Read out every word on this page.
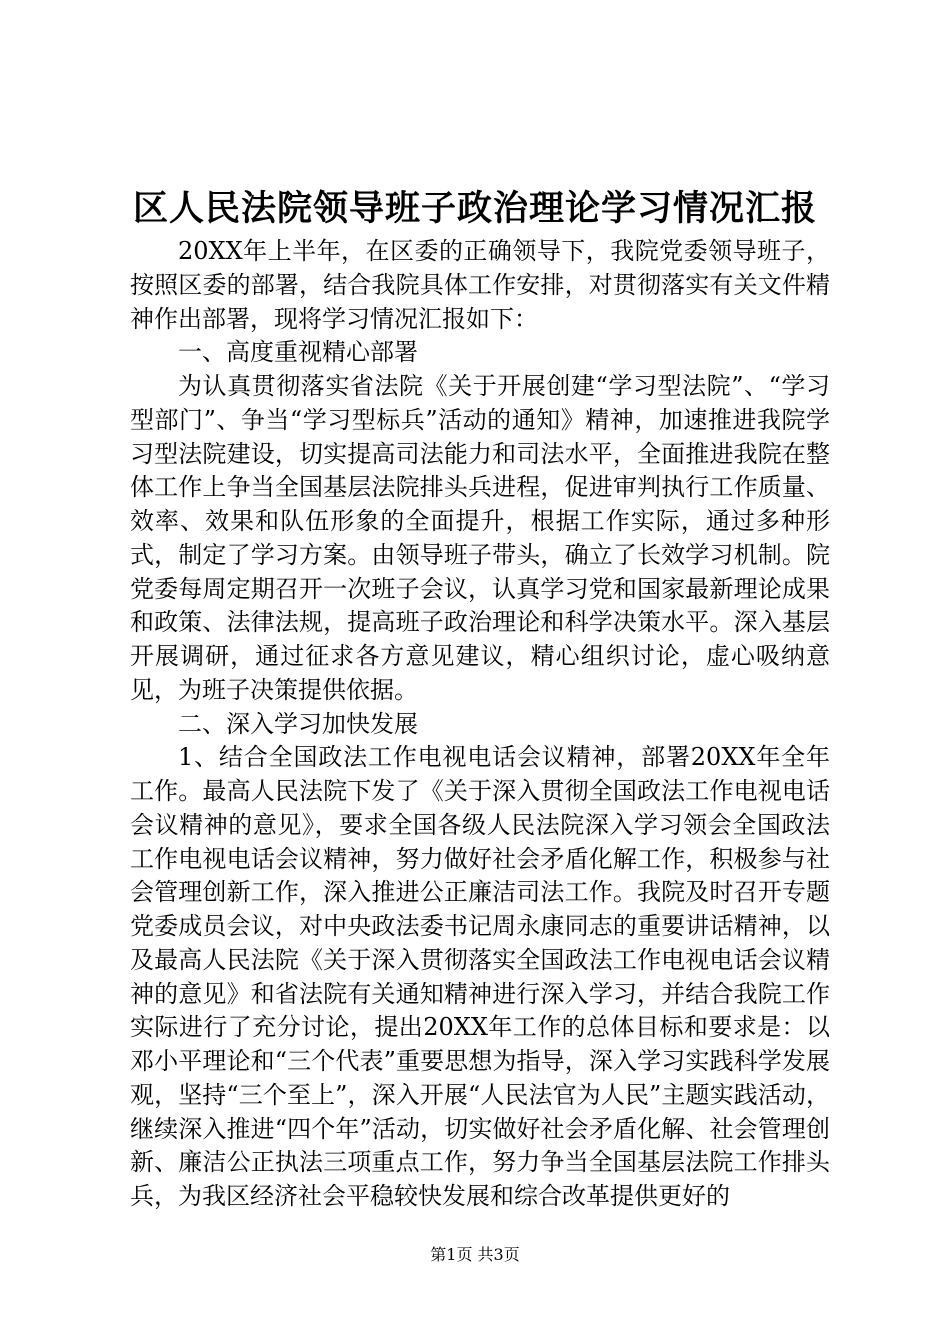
区人民法院领导班子政治理论学习情况汇报

20XX年上半年，在区委的正确领导下，我院党委领导班子，按照区委的部署，结合我院具体工作安排，对贯彻落实有关文件精神作出部署，现将学习情况汇报如下：

一、高度重视精心部署

为认真贯彻落实省法院《关于开展创建“学习型法院”、“学习型部门”、争当“学习型标兵”活动的通知》精神，加速推进我院学习型法院建设，切实提高司法能力和司法水平，全面推进我院在整体工作上争当全国基层法院排头兵进程，促进审判执行工作质量、效率、效果和队伍形象的全面提升，根据工作实际，通过多种形式，制定了学习方案。由领导班子带头，确立了长效学习机制。院党委每周定期召开一次班子会议，认真学习党和国家最新理论成果和政策、法律法规，提高班子政治理论和科学决策水平。深入基层开展调研，通过征求各方意见建议，精心组织讨论，虚心吸纳意见，为班子决策提供依据。

二、深入学习加快发展

1、结合全国政法工作电视电话会议精神，部署20XX年全年工作。最高人民法院下发了《关于深入贯彻全国政法工作电视电话会议精神的意见》，要求全国各级人民法院深入学习领会全国政法工作电视电话会议精神，努力做好社会矛盾化解工作，积极参与社会管理创新工作，深入推进公正廉洁司法工作。我院及时召开专题党委成员会议，对中央政法委书记周永康同志的重要讲话精神，以及最高人民法院《关于深入贯彻落实全国政法工作电视电话会议精神的意见》和省法院有关通知精神进行深入学习，并结合我院工作实际进行了充分讨论，提出20XX年工作的总体目标和要求是：以邓小平理论和“三个代表”重要思想为指导，深入学习实践科学发展观，坚持“三个至上”，深入开展“人民法官为人民”主题实践活动，继续深入推进“四个年”活动，切实做好社会矛盾化解、社会管理创新、廉洁公正执法三项重点工作，努力争当全国基层法院工作排头兵，为我区经济社会平稳较快发展和综合改革提供更好的

第1页 共3页
